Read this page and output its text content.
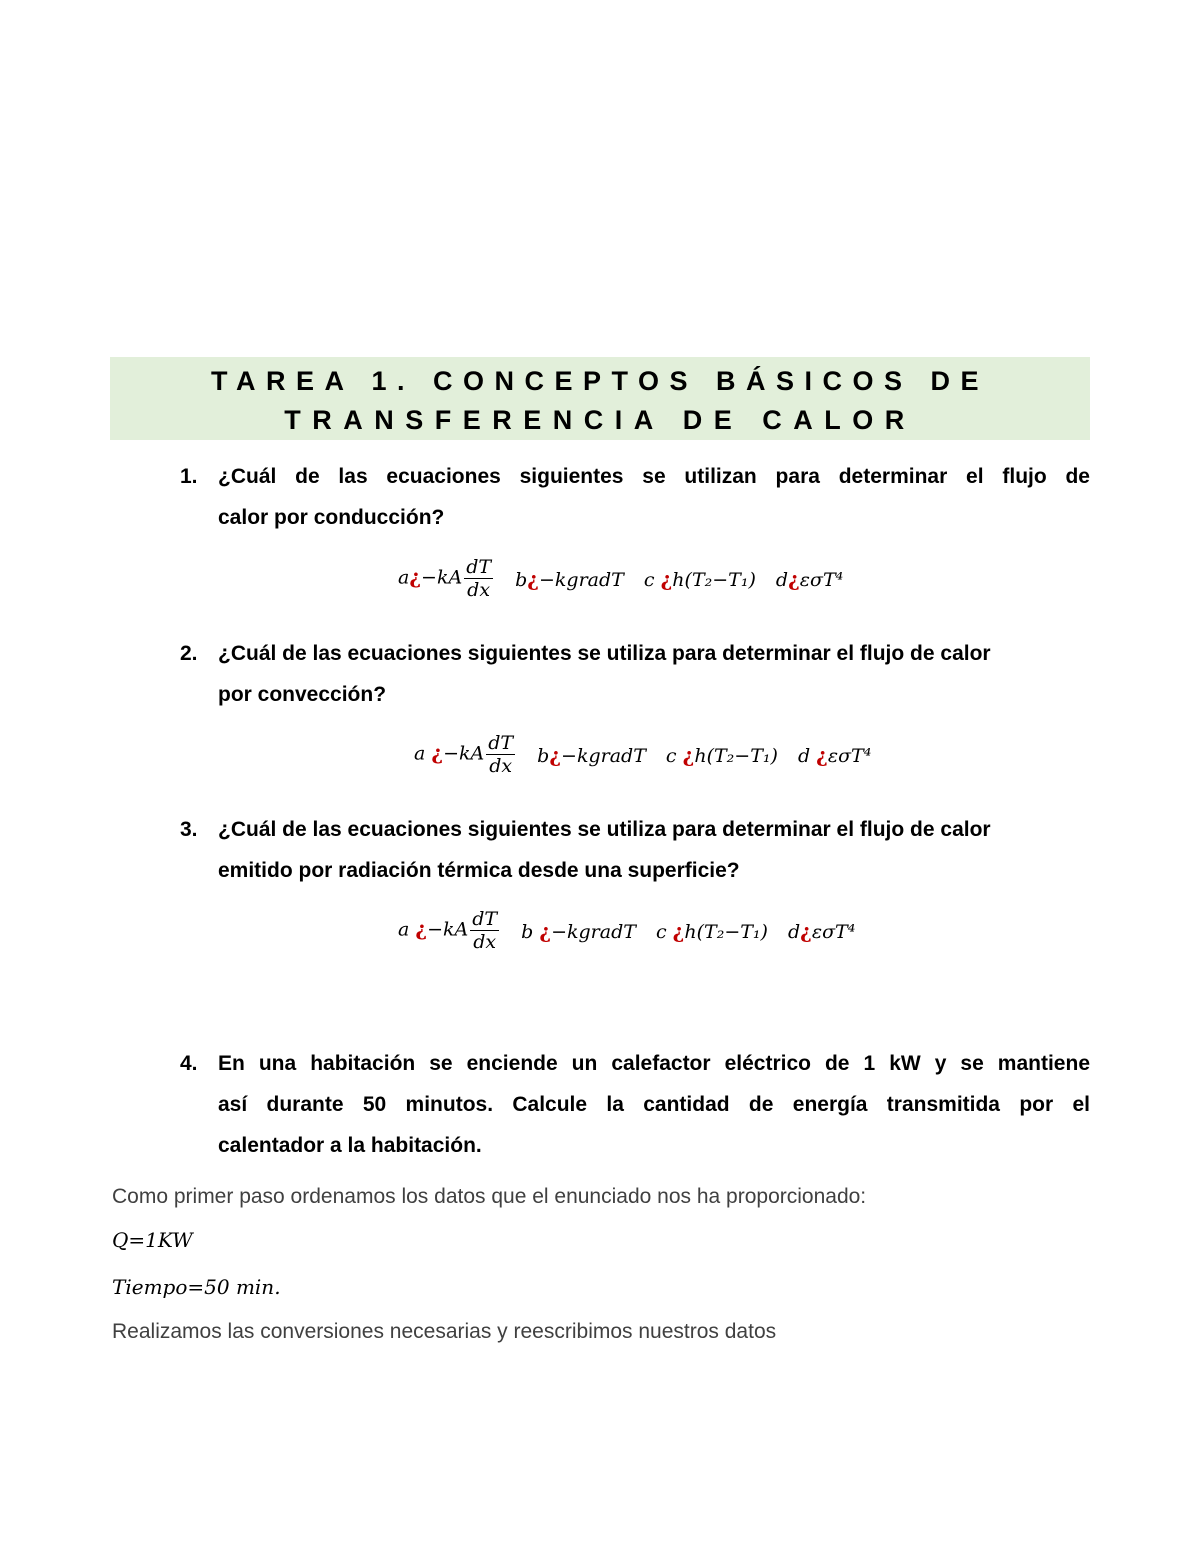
TAREA 1. CONCEPTOS BÁSICOS DE
TRANSFERENCIA DE CALOR
1. ¿Cuál de las ecuaciones siguientes se utilizan para determinar el flujo de
calor por conducción?
a¿−kA $\frac{dT}{dx}$ b¿−kgradT c ¿h(T₂−T₁) d¿εσT⁴
2. ¿Cuál de las ecuaciones siguientes se utiliza para determinar el flujo de calor
por convección?
a ¿$-kA \frac{dT}{dx}$ b¿−kgradT c ¿h(T₂−T₁) d ¿εσT⁴
3. ¿Cuál de las ecuaciones siguientes se utiliza para determinar el flujo de calor
emitido por radiación térmica desde una superficie?
a ¿$-kA \frac{dT}{dx}$ b ¿−kgradT c ¿h(T₂−T₁) d¿εσT⁴
4. En una habitación se enciende un calefactor eléctrico de 1 kW y se mantiene
así durante 50 minutos. Calcule la cantidad de energía transmitida por el
calentador a la habitación.
Como primer paso ordenamos los datos que el enunciado nos ha proporcionado:
Q=1KW
Tiempo=50 min.
Realizamos las conversiones necesarias y reescribimos nuestros datos
